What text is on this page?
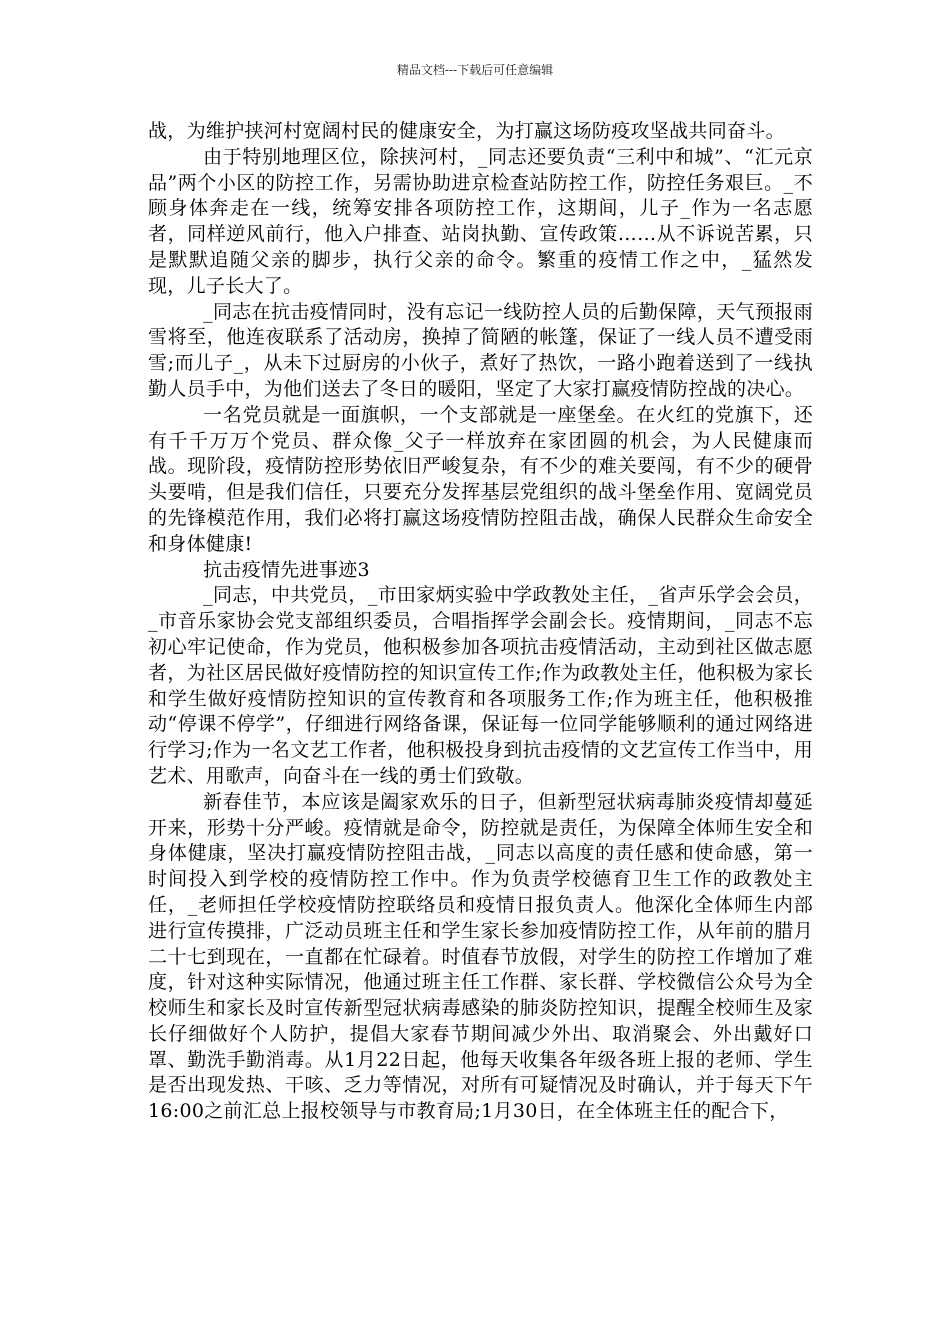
精品文档---下载后可任意编辑

战，为维护挟河村宽阔村民的健康安全，为打赢这场防疫攻坚战共同奋斗。

由于特别地理区位，除挟河村，_同志还要负责“三利中和城”、“汇元京品”两个小区的防控工作，另需协助进京检查站防控工作，防控任务艰巨。_不顾身体奔走在一线，统筹安排各项防控工作，这期间，儿子_作为一名志愿者，同样逆风前行，他入户排查、站岗执勤、宣传政策……从不诉说苦累，只是默默追随父亲的脚步，执行父亲的命令。繁重的疫情工作之中，_猛然发现，儿子长大了。

_同志在抗击疫情同时，没有忘记一线防控人员的后勤保障，天气预报雨雪将至，他连夜联系了活动房，换掉了简陋的帐篷，保证了一线人员不遭受雨雪;而儿子_，从未下过厨房的小伙子，煮好了热饮，一路小跑着送到了一线执勤人员手中，为他们送去了冬日的暖阳，坚定了大家打赢疫情防控战的决心。

一名党员就是一面旗帜，一个支部就是一座堡垒。在火红的党旗下，还有千千万万个党员、群众像_父子一样放弃在家团圆的机会，为人民健康而战。现阶段，疫情防控形势依旧严峻复杂，有不少的难关要闯，有不少的硬骨头要啃，但是我们信任，只要充分发挥基层党组织的战斗堡垒作用、宽阔党员的先锋模范作用，我们必将打赢这场疫情防控阻击战，确保人民群众生命安全和身体健康!

抗击疫情先进事迹3

_同志，中共党员，_市田家炳实验中学政教处主任，_省声乐学会会员，_市音乐家协会党支部组织委员，合唱指挥学会副会长。疫情期间，_同志不忘初心牢记使命，作为党员，他积极参加各项抗击疫情活动，主动到社区做志愿者，为社区居民做好疫情防控的知识宣传工作;作为政教处主任，他积极为家长和学生做好疫情防控知识的宣传教育和各项服务工作;作为班主任，他积极推动“停课不停学”，仔细进行网络备课，保证每一位同学能够顺利的通过网络进行学习;作为一名文艺工作者，他积极投身到抗击疫情的文艺宣传工作当中，用艺术、用歌声，向奋斗在一线的勇士们致敬。

新春佳节，本应该是阖家欢乐的日子，但新型冠状病毒肺炎疫情却蔓延开来，形势十分严峻。疫情就是命令，防控就是责任，为保障全体师生安全和身体健康，坚决打赢疫情防控阻击战，_同志以高度的责任感和使命感，第一时间投入到学校的疫情防控工作中。作为负责学校德育卫生工作的政教处主任，_老师担任学校疫情防控联络员和疫情日报负责人。他深化全体师生内部进行宣传摸排，广泛动员班主任和学生家长参加疫情防控工作，从年前的腊月二十七到现在，一直都在忙碌着。时值春节放假，对学生的防控工作增加了难度，针对这种实际情况，他通过班主任工作群、家长群、学校微信公众号为全校师生和家长及时宣传新型冠状病毒感染的肺炎防控知识，提醒全校师生及家长仔细做好个人防护，提倡大家春节期间减少外出、取消聚会、外出戴好口罩、勤洗手勤消毒。从1月22日起，他每天收集各年级各班上报的老师、学生是否出现发热、干咳、乏力等情况，对所有可疑情况及时确认，并于每天下午16:00之前汇总上报校领导与市教育局;1月30日，在全体班主任的配合下，
